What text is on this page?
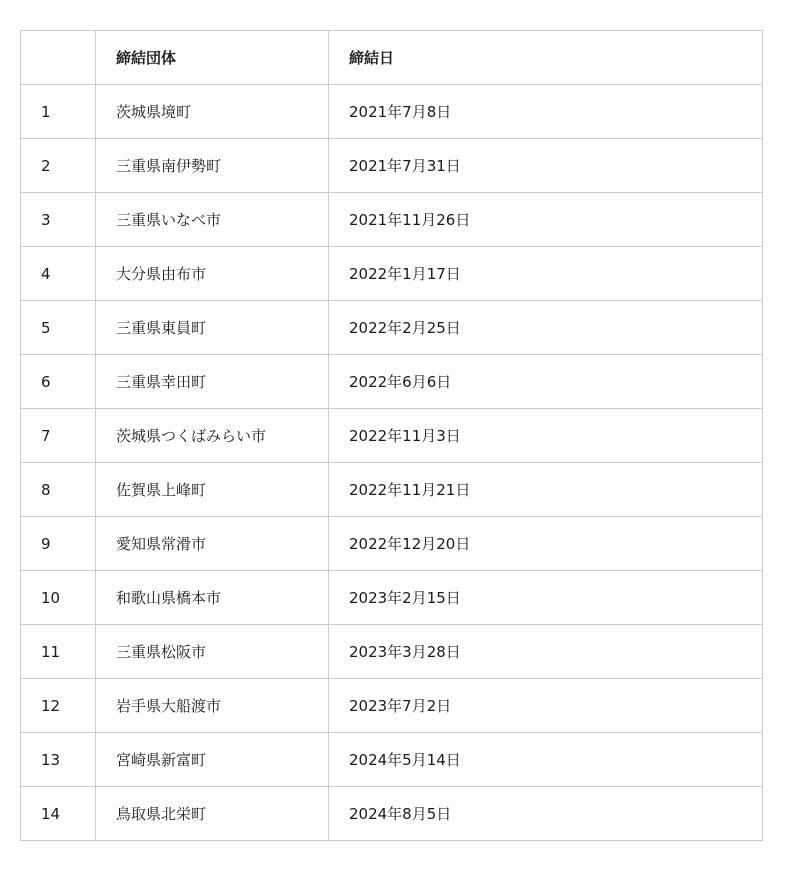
	締結団体	締結日
1	茨城県境町	2021年7月8日
2	三重県南伊勢町	2021年7月31日
3	三重県いなべ市	2021年11月26日
4	大分県由布市	2022年1月17日
5	三重県東員町	2022年2月25日
6	三重県幸田町	2022年6月6日
7	茨城県つくばみらい市	2022年11月3日
8	佐賀県上峰町	2022年11月21日
9	愛知県常滑市	2022年12月20日
10	和歌山県橋本市	2023年2月15日
11	三重県松阪市	2023年3月28日
12	岩手県大船渡市	2023年7月2日
13	宮崎県新富町	2024年5月14日
14	鳥取県北栄町	2024年8月5日
